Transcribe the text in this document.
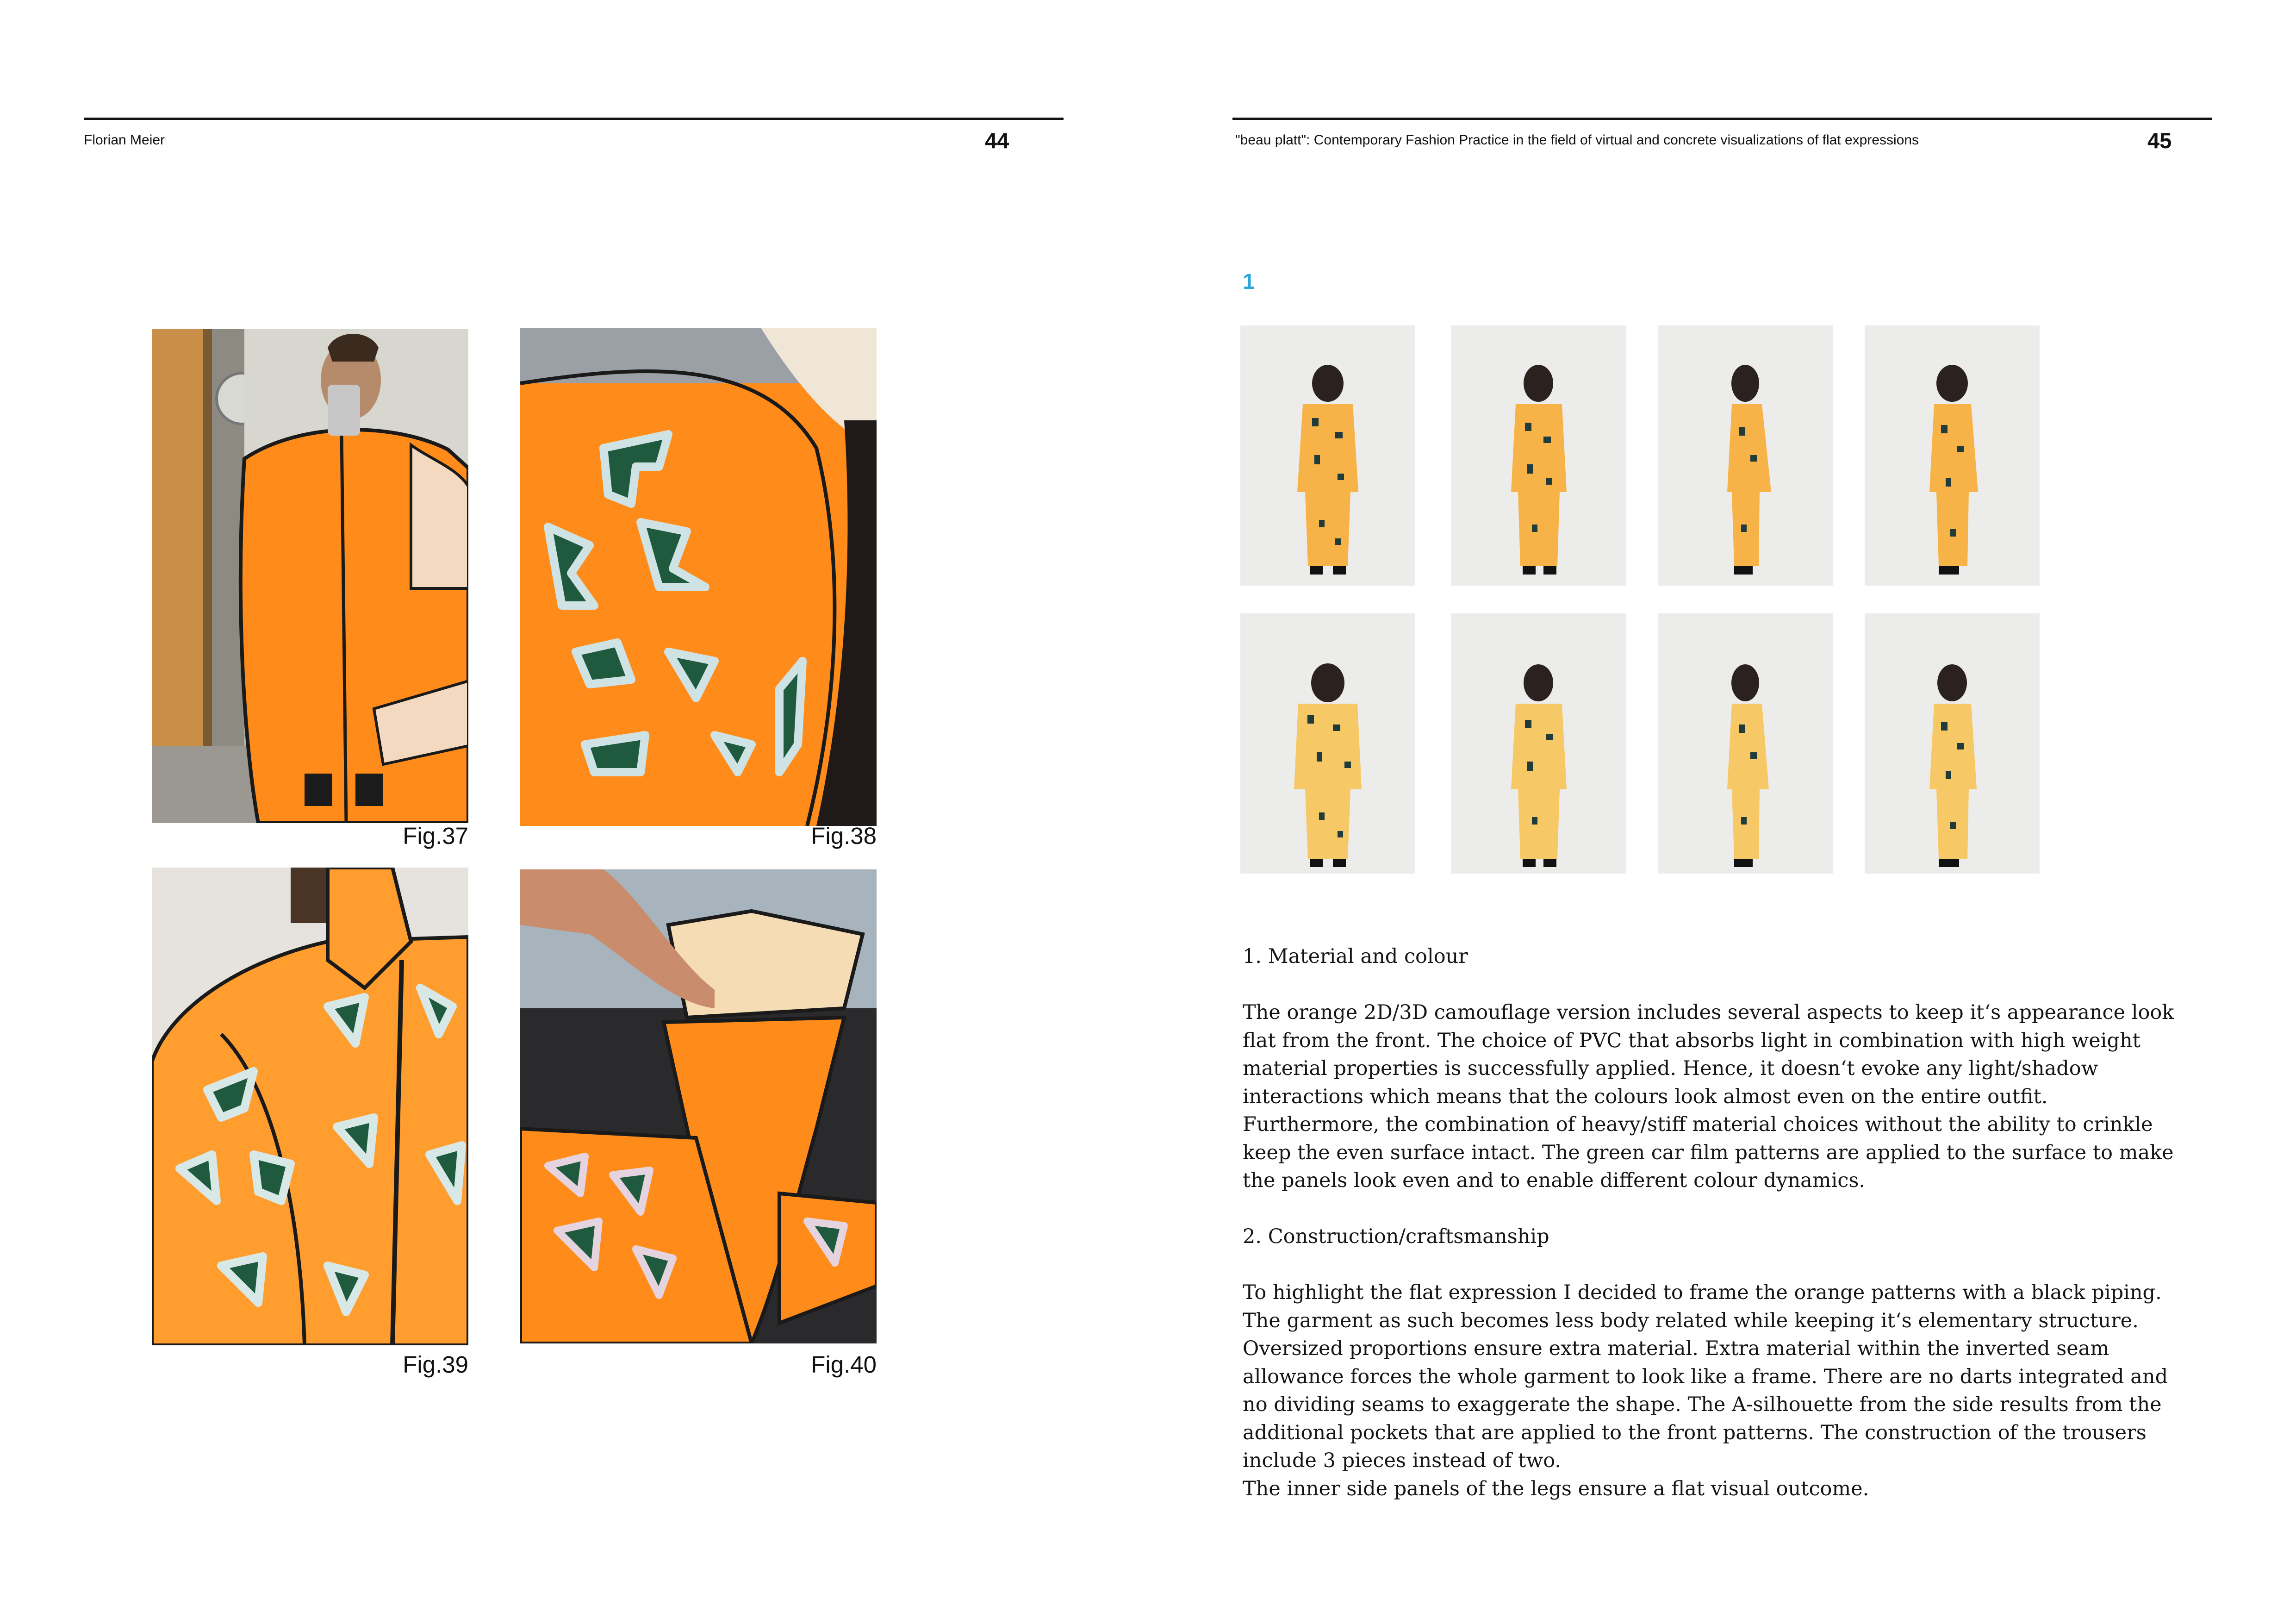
Florian Meier	44
Fig.37	Fig.38
Fig.39	Fig.40
"beau platt": Contemporary Fashion Practice in the field of virtual and concrete visualizations of flat expressions	45
1

1. Material and colour

The orange 2D/3D camouflage version includes several aspects to keep it‘s appearance look flat from the front. The choice of PVC that absorbs light in combination with high weight material properties is successfully applied. Hence, it doesn‘t evoke any light/shadow interactions which means that the colours look almost even on the entire outfit. Furthermore, the combination of heavy/stiff material choices without the ability to crinkle keep the even surface intact. The green car film patterns are applied to the surface to make the panels look even and to enable different colour dynamics.

2. Construction/craftsmanship

To highlight the flat expression I decided to frame the orange patterns with a black piping.

The garment as such becomes less body related while keeping it‘s elementary structure.

Oversized proportions ensure extra material. Extra material within the inverted seam allowance forces the whole garment to look like a frame. There are no darts integrated and no dividing seams to exaggerate the shape. The A-silhouette from the side results from the additional pockets that are applied to the front patterns. The construction of the trousers include 3 pieces instead of two.

The inner side panels of the legs ensure a flat visual outcome.
